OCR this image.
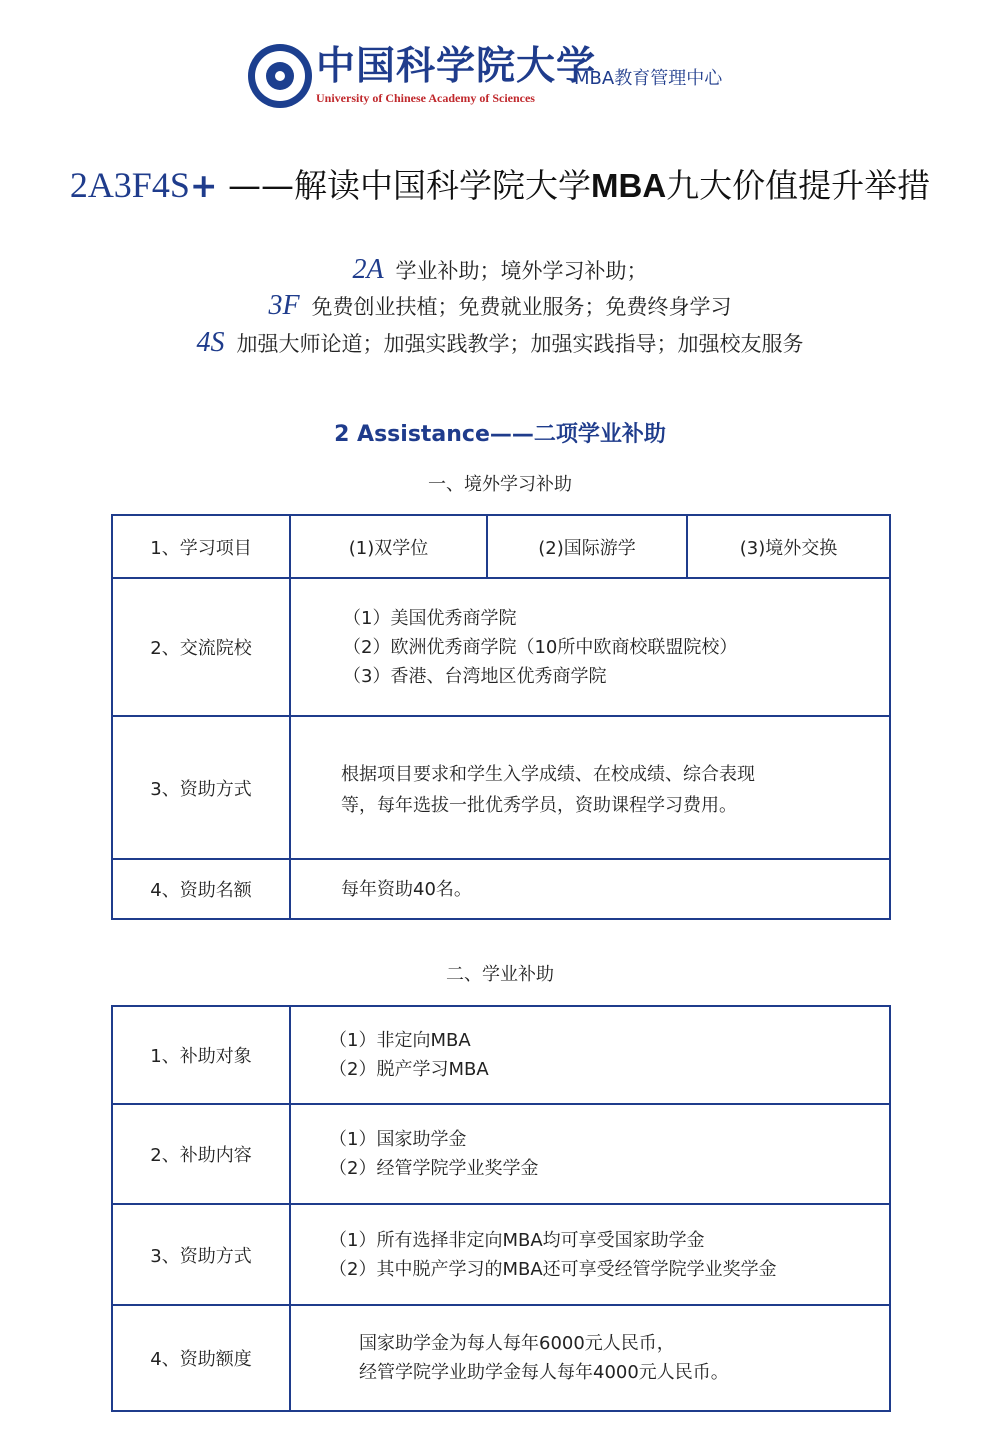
中国科学院大学
University of Chinese Academy of Sciences
MBA教育管理中心
2A3F4S+ ——解读中国科学院大学MBA九大价值提升举措
2A 学业补助；境外学习补助；
3F 免费创业扶植；免费就业服务；免费终身学习
4S 加强大师论道；加强实践教学；加强实践指导；加强校友服务
2 Assistance——二项学业补助
一、境外学习补助
1、学习项目	(1)双学位	(2)国际游学	(3)境外交换
2、交流院校	（1）美国优秀商学院
（2）欧洲优秀商学院（10所中欧商校联盟院校）
（3）香港、台湾地区优秀商学院		

3、资助方式	根据项目要求和学生入学成绩、在校成绩、综合表现
等，每年选拔一批优秀学员，资助课程学习费用。		

4、资助名额	每年资助40名。		
二、学业补助
1、补助对象	（1）非定向MBA
（2）脱产学习MBA

2、补助内容	（1）国家助学金
（2）经管学院学业奖学金

3、资助方式	（1）所有选择非定向MBA均可享受国家助学金
（2）其中脱产学习的MBA还可享受经管学院学业奖学金

4、资助额度	国家助学金为每人每年6000元人民币，
经管学院学业助学金每人每年4000元人民币。
